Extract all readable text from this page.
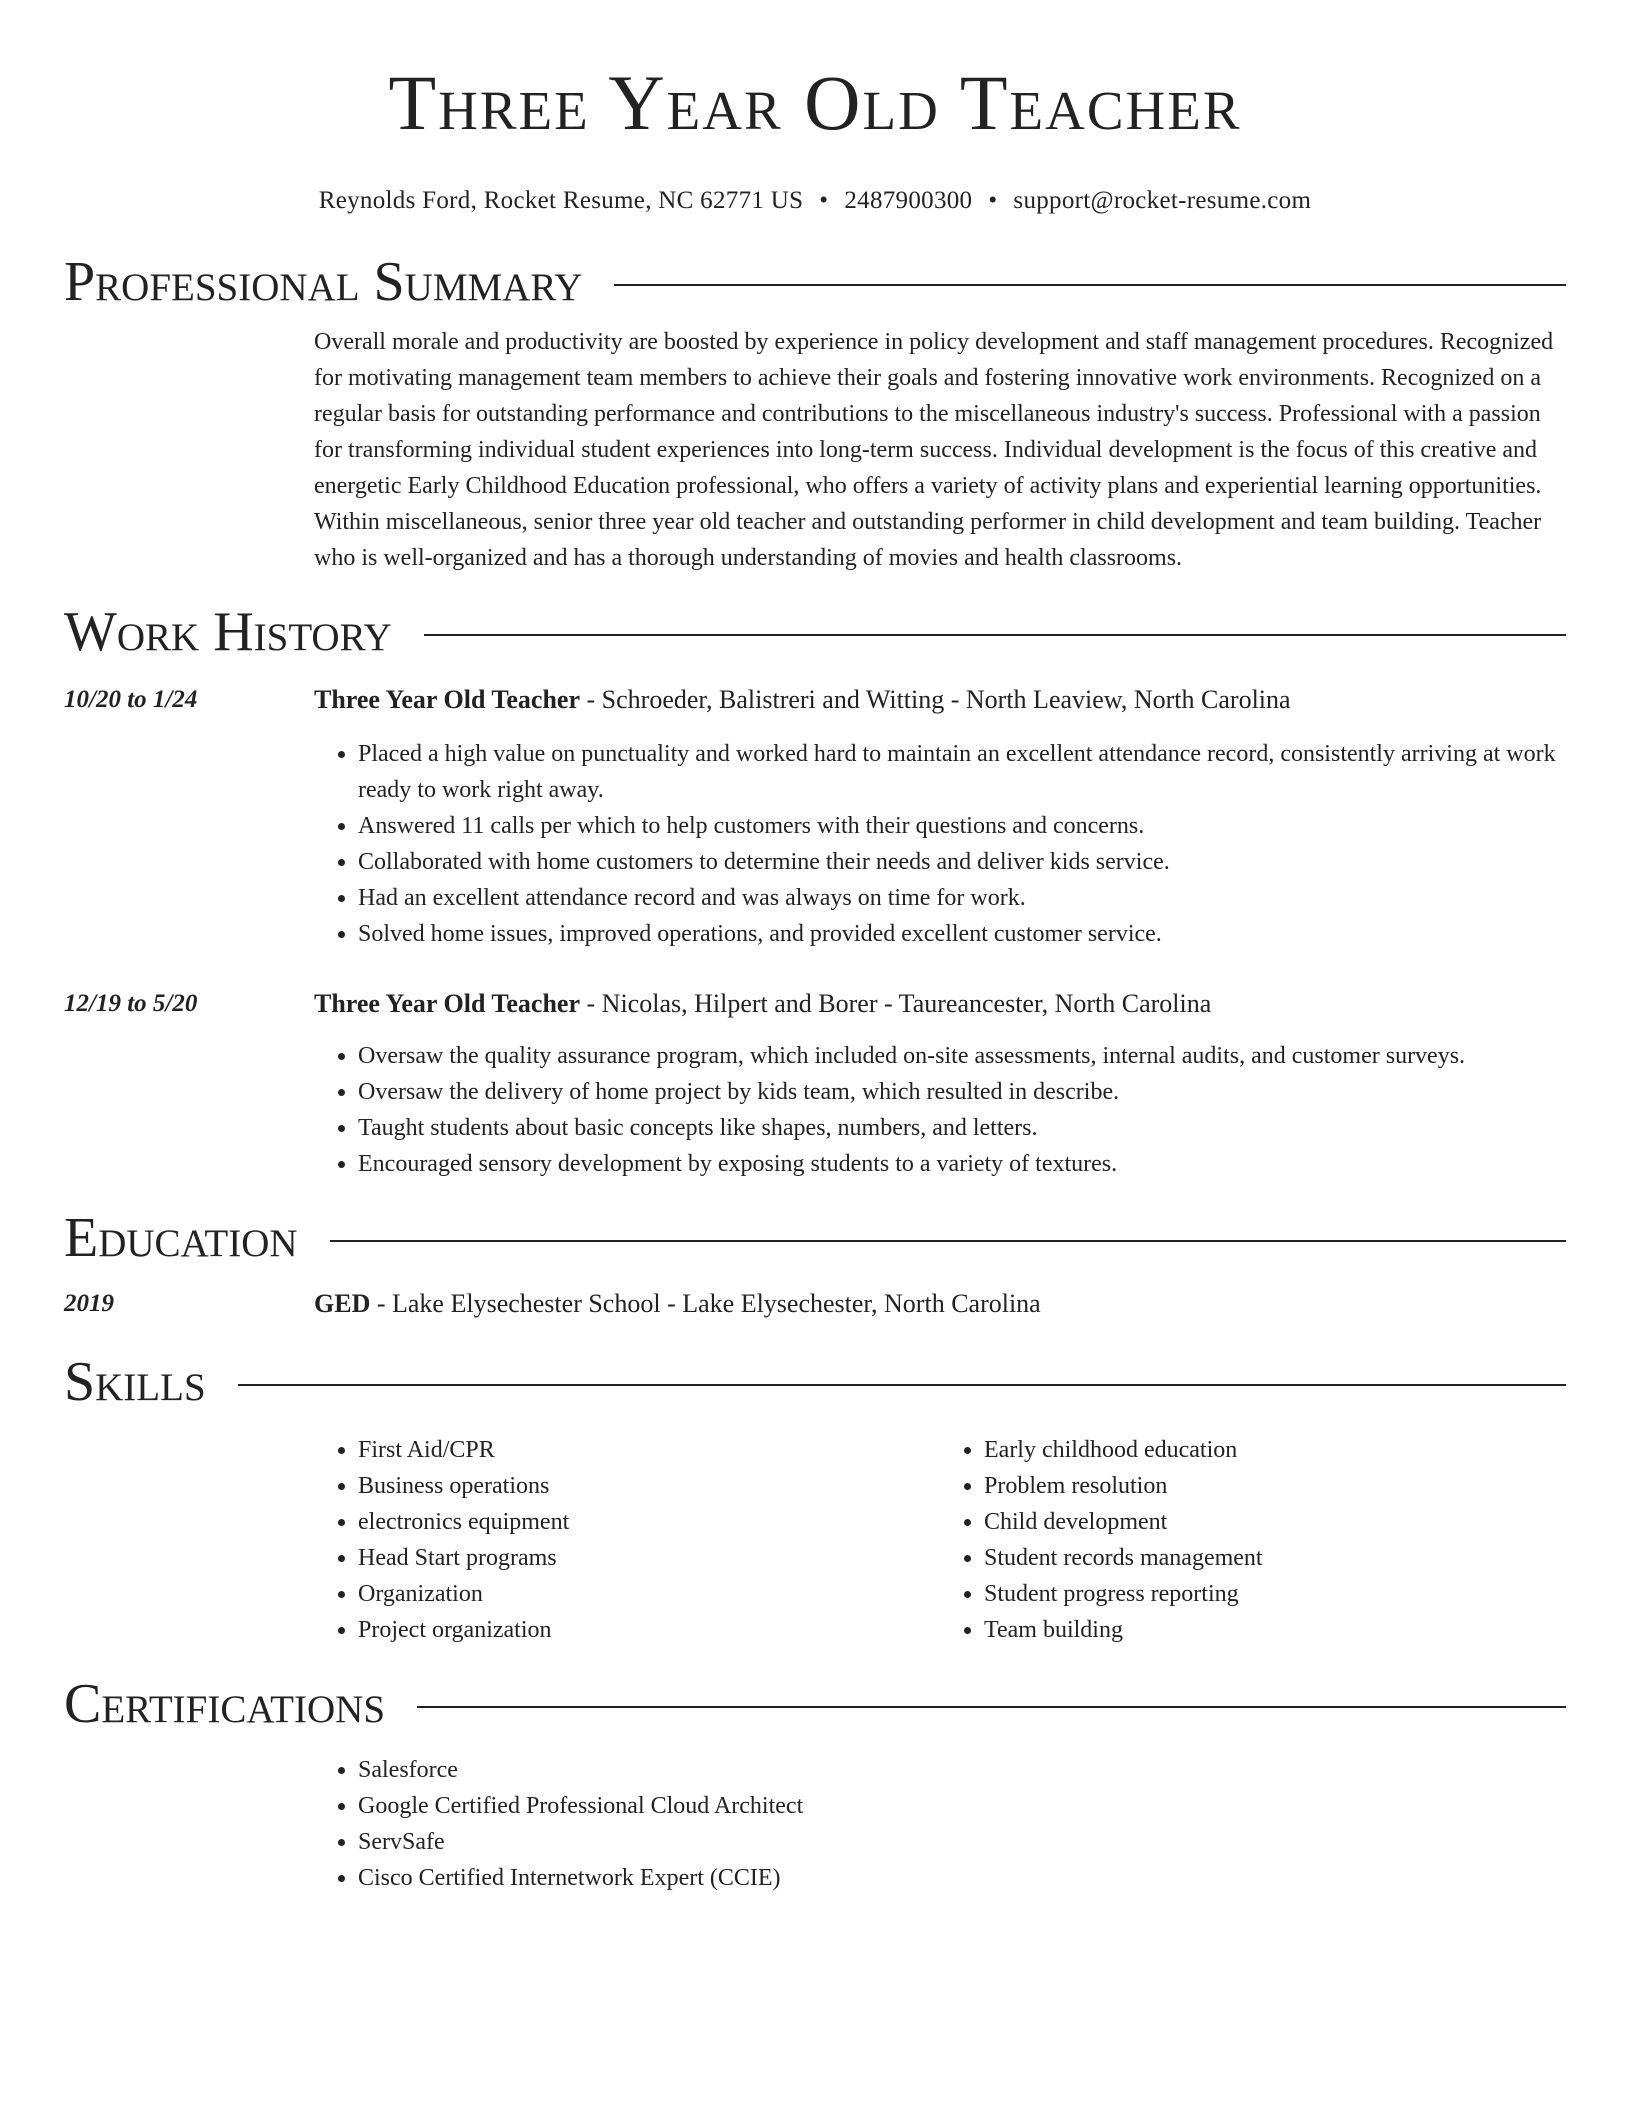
Three Year Old Teacher
Reynolds Ford, Rocket Resume, NC 62771 US • 2487900300 • support@rocket-resume.com
Professional Summary

Overall morale and productivity are boosted by experience in policy development and staff management procedures. Recognized for motivating management team members to achieve their goals and fostering innovative work environments. Recognized on a regular basis for outstanding performance and contributions to the miscellaneous industry's success. Professional with a passion for transforming individual student experiences into long-term success. Individual development is the focus of this creative and energetic Early Childhood Education professional, who offers a variety of activity plans and experiential learning opportunities. Within miscellaneous, senior three year old teacher and outstanding performer in child development and team building. Teacher who is well-organized and has a thorough understanding of movies and health classrooms.

Work History
10/20 to 1/24	Three Year Old Teacher - Schroeder, Balistreri and Witting - North Leaview, North Carolina
• Placed a high value on punctuality and worked hard to maintain an excellent attendance record, consistently arriving at work ready to work right away.
• Answered 11 calls per which to help customers with their questions and concerns.
• Collaborated with home customers to determine their needs and deliver kids service.
• Had an excellent attendance record and was always on time for work.
• Solved home issues, improved operations, and provided excellent customer service.
12/19 to 5/20	Three Year Old Teacher - Nicolas, Hilpert and Borer - Taureancester, North Carolina
• Oversaw the quality assurance program, which included on-site assessments, internal audits, and customer surveys.
• Oversaw the delivery of home project by kids team, which resulted in describe.
• Taught students about basic concepts like shapes, numbers, and letters.
• Encouraged sensory development by exposing students to a variety of textures.
Education
2019	GED - Lake Elysechester School - Lake Elysechester, North Carolina
Skills
• First Aid/CPR
• Business operations
• electronics equipment
• Head Start programs
• Organization
• Project organization
• Early childhood education
• Problem resolution
• Child development
• Student records management
• Student progress reporting
• Team building
Certifications
• Salesforce
• Google Certified Professional Cloud Architect
• ServSafe
• Cisco Certified Internetwork Expert (CCIE)
